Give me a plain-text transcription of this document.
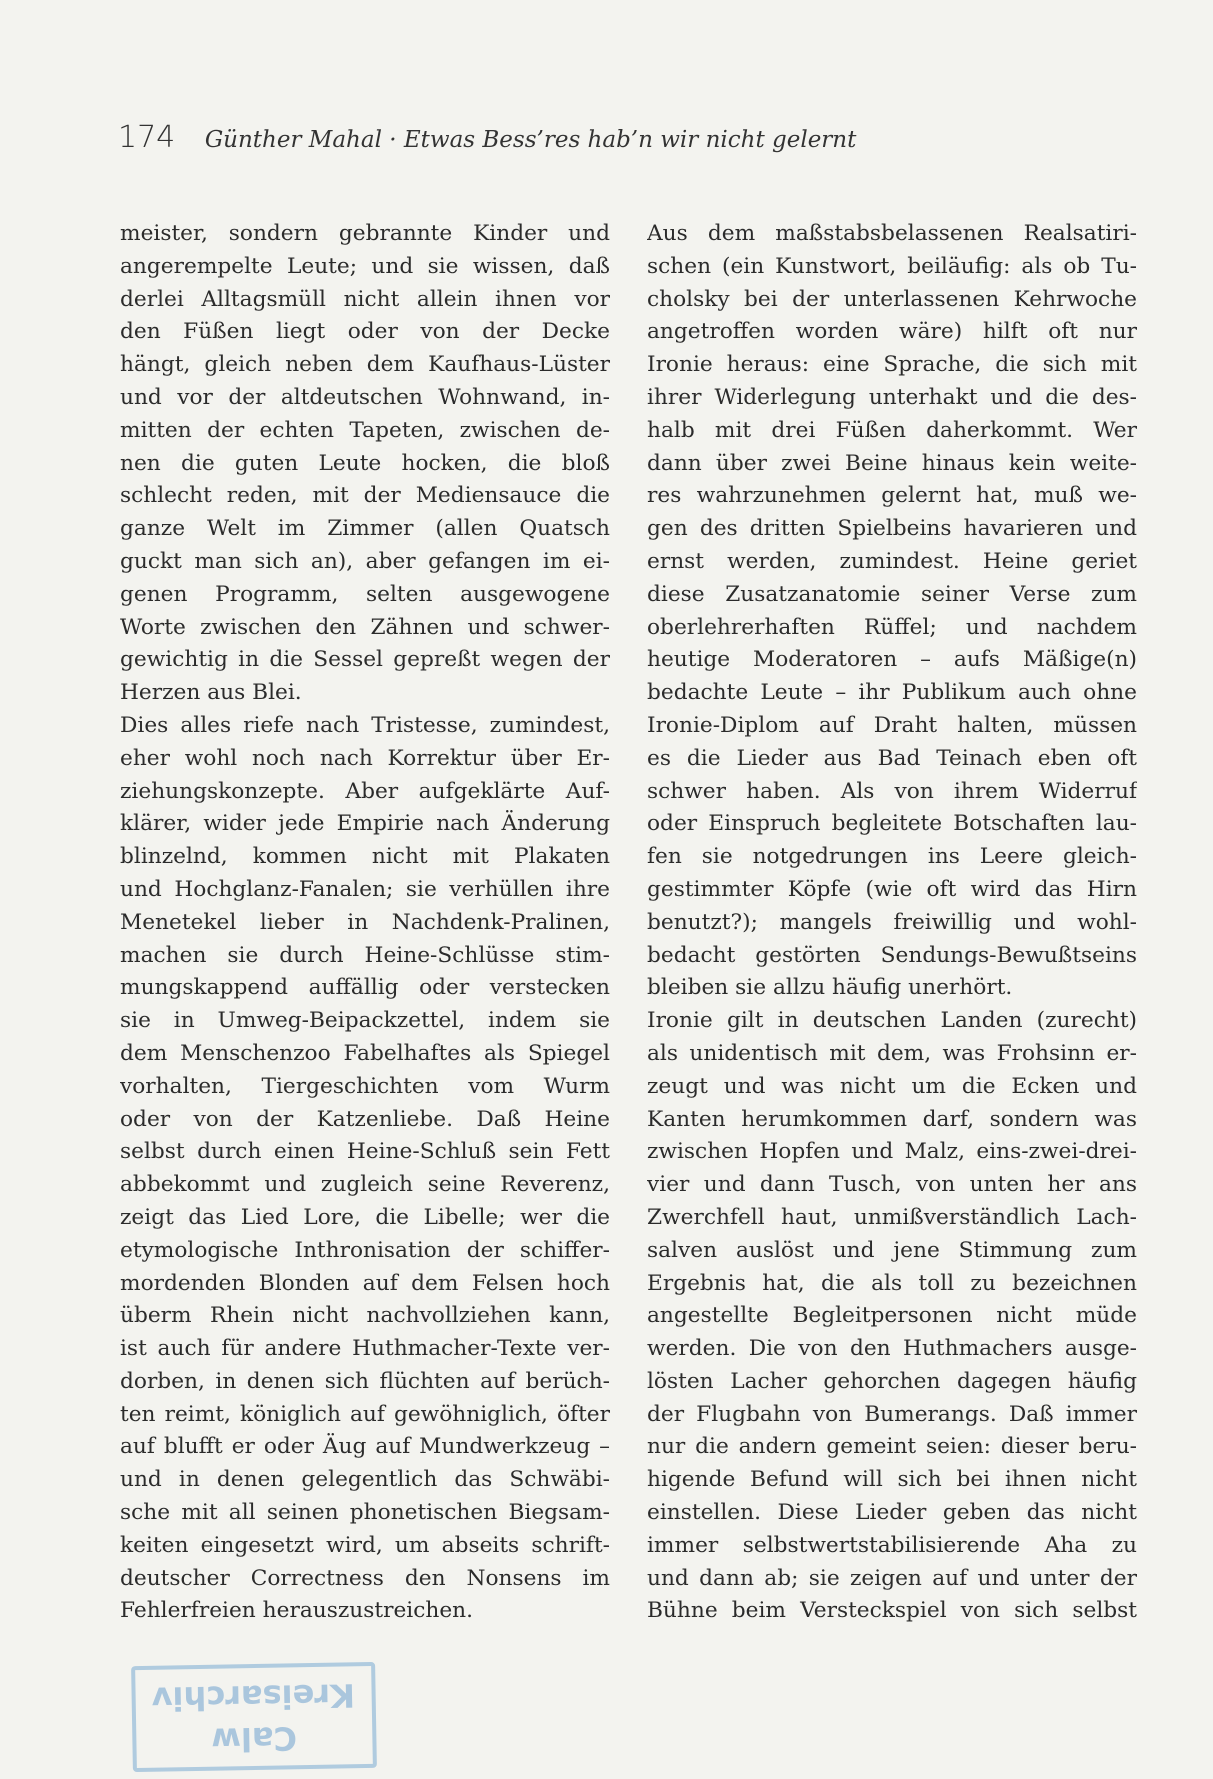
174 Günther Mahal · Etwas Bess’res hab’n wir nicht gelernt
meister, sondern gebrannte Kinder und
angerempelte Leute; und sie wissen, daß
derlei Alltagsmüll nicht allein ihnen vor
den Füßen liegt oder von der Decke
hängt, gleich neben dem Kaufhaus-Lüster
und vor der altdeutschen Wohnwand, in-
mitten der echten Tapeten, zwischen de-
nen die guten Leute hocken, die bloß
schlecht reden, mit der Mediensauce die
ganze Welt im Zimmer (allen Quatsch
guckt man sich an), aber gefangen im ei-
genen Programm, selten ausgewogene
Worte zwischen den Zähnen und schwer-
gewichtig in die Sessel gepreßt wegen der
Herzen aus Blei.
Dies alles riefe nach Tristesse, zumindest,
eher wohl noch nach Korrektur über Er-
ziehungskonzepte. Aber aufgeklärte Auf-
klärer, wider jede Empirie nach Änderung
blinzelnd, kommen nicht mit Plakaten
und Hochglanz-Fanalen; sie verhüllen ihre
Menetekel lieber in Nachdenk-Pralinen,
machen sie durch Heine-Schlüsse stim-
mungskappend auffällig oder verstecken
sie in Umweg-Beipackzettel, indem sie
dem Menschenzoo Fabelhaftes als Spiegel
vorhalten, Tiergeschichten vom Wurm
oder von der Katzenliebe. Daß Heine
selbst durch einen Heine-Schluß sein Fett
abbekommt und zugleich seine Reverenz,
zeigt das Lied Lore, die Libelle; wer die
etymologische Inthronisation der schiffer-
mordenden Blonden auf dem Felsen hoch
überm Rhein nicht nachvollziehen kann,
ist auch für andere Huthmacher-Texte ver-
dorben, in denen sich flüchten auf berüch-
ten reimt, königlich auf gewöhniglich, öfter
auf blufft er oder Äug auf Mundwerkzeug –
und in denen gelegentlich das Schwäbi-
sche mit all seinen phonetischen Biegsam-
keiten eingesetzt wird, um abseits schrift-
deutscher Correctness den Nonsens im
Fehlerfreien herauszustreichen.
Aus dem maßstabsbelassenen Realsatiri-
schen (ein Kunstwort, beiläufig: als ob Tu-
cholsky bei der unterlassenen Kehrwoche
angetroffen worden wäre) hilft oft nur
Ironie heraus: eine Sprache, die sich mit
ihrer Widerlegung unterhakt und die des-
halb mit drei Füßen daherkommt. Wer
dann über zwei Beine hinaus kein weite-
res wahrzunehmen gelernt hat, muß we-
gen des dritten Spielbeins havarieren und
ernst werden, zumindest. Heine geriet
diese Zusatzanatomie seiner Verse zum
oberlehrerhaften Rüffel; und nachdem
heutige Moderatoren – aufs Mäßige(n)
bedachte Leute – ihr Publikum auch ohne
Ironie-Diplom auf Draht halten, müssen
es die Lieder aus Bad Teinach eben oft
schwer haben. Als von ihrem Widerruf
oder Einspruch begleitete Botschaften lau-
fen sie notgedrungen ins Leere gleich-
gestimmter Köpfe (wie oft wird das Hirn
benutzt?); mangels freiwillig und wohl-
bedacht gestörten Sendungs-Bewußtseins
bleiben sie allzu häufig unerhört.
Ironie gilt in deutschen Landen (zurecht)
als unidentisch mit dem, was Frohsinn er-
zeugt und was nicht um die Ecken und
Kanten herumkommen darf, sondern was
zwischen Hopfen und Malz, eins-zwei-drei-
vier und dann Tusch, von unten her ans
Zwerchfell haut, unmißverständlich Lach-
salven auslöst und jene Stimmung zum
Ergebnis hat, die als toll zu bezeichnen
angestellte Begleitpersonen nicht müde
werden. Die von den Huthmachers ausge-
lösten Lacher gehorchen dagegen häufig
der Flugbahn von Bumerangs. Daß immer
nur die andern gemeint seien: dieser beru-
higende Befund will sich bei ihnen nicht
einstellen. Diese Lieder geben das nicht
immer selbstwertstabilisierende Aha zu
und dann ab; sie zeigen auf und unter der
Bühne beim Versteckspiel von sich selbst
Kreisarchiv
Calw
